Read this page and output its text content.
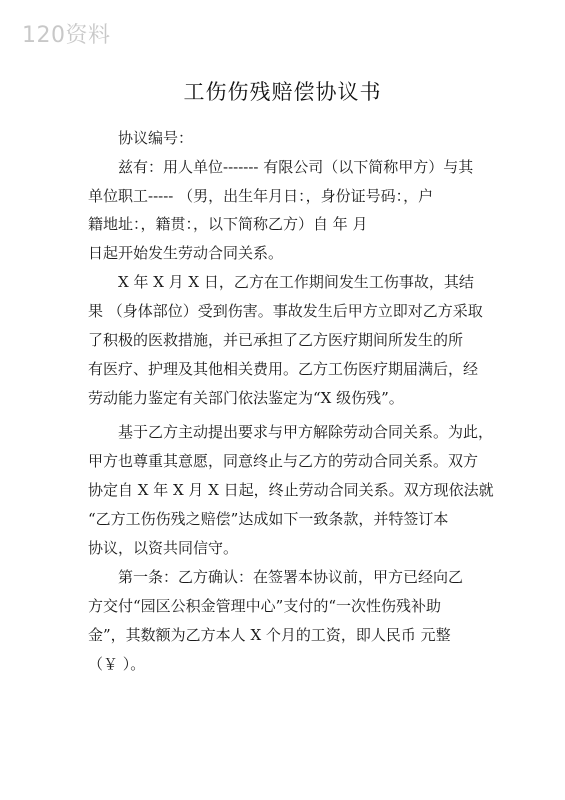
120资料
工伤伤残赔偿协议书
协议编号：
兹有：用人单位------- 有限公司（以下简称甲方）与其
单位职工----- （男，出生年月日：，身份证号码：，户
籍地址：，籍贯：，以下简称乙方）自 年 月
日起开始发生劳动合同关系。
X 年 X 月 X 日，乙方在工作期间发生工伤事故，其结
果 （身体部位）受到伤害。事故发生后甲方立即对乙方采取
了积极的医救措施，并已承担了乙方医疗期间所发生的所
有医疗、护理及其他相关费用。乙方工伤医疗期届满后，经
劳动能力鉴定有关部门依法鉴定为“X 级伤残”。
基于乙方主动提出要求与甲方解除劳动合同关系。为此，
甲方也尊重其意愿，同意终止与乙方的劳动合同关系。双方
协定自 X 年 X 月 X 日起，终止劳动合同关系。双方现依法就
“乙方工伤伤残之赔偿”达成如下一致条款，并特签订本
协议，以资共同信守。
第一条：乙方确认：在签署本协议前，甲方已经向乙
方交付“园区公积金管理中心”支付的“一次性伤残补助
金”，其数额为乙方本人 X 个月的工资，即人民币 元整
（￥ ）。
